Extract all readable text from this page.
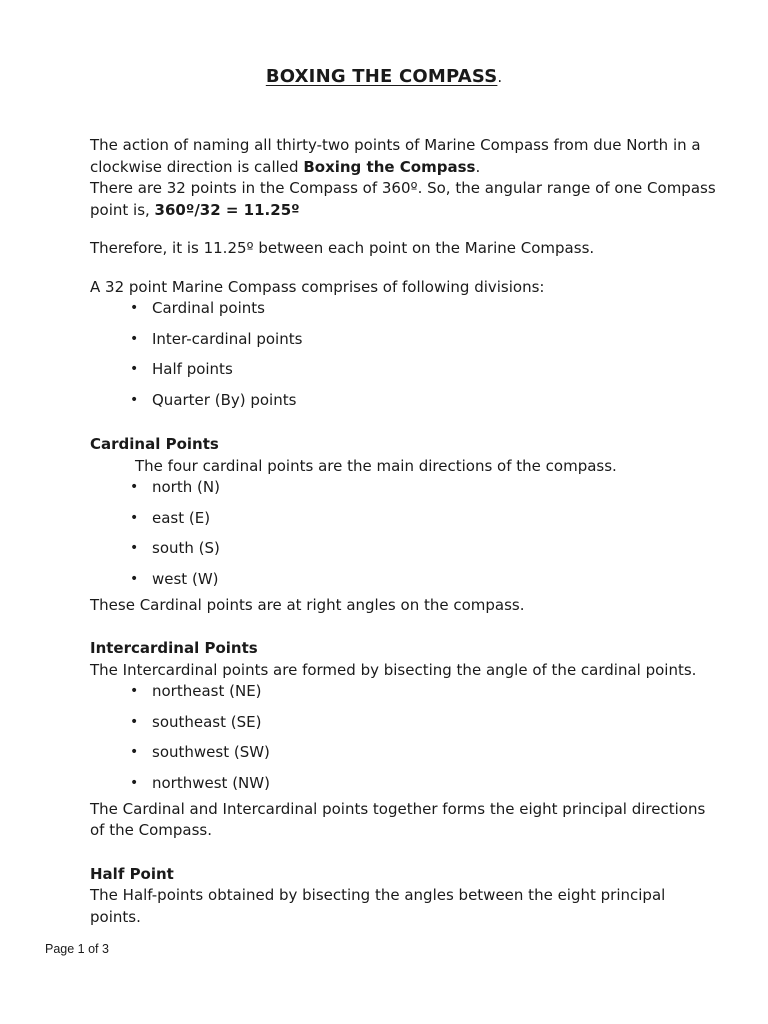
BOXING THE COMPASS.

The action of naming all thirty-two points of Marine Compass from due North in a clockwise direction is called Boxing the Compass.

There are 32 points in the Compass of 360º. So, the angular range of one Compass point is, 360º/32 = 11.25º

Therefore, it is 11.25º between each point on the Marine Compass.

A 32 point Marine Compass comprises of following divisions:

• Cardinal points
• Inter-cardinal points
• Half points
• Quarter (By) points

Cardinal Points

The four cardinal points are the main directions of the compass.

• north (N)
• east (E)
• south (S)
• west (W)

These Cardinal points are at right angles on the compass.

Intercardinal Points

The Intercardinal points are formed by bisecting the angle of the cardinal points.

• northeast (NE)
• southeast (SE)
• southwest (SW)
• northwest (NW)

The Cardinal and Intercardinal points together forms the eight principal directions of the Compass.

Half Point

The Half-points obtained by bisecting the angles between the eight principal points.

Page 1 of 3
